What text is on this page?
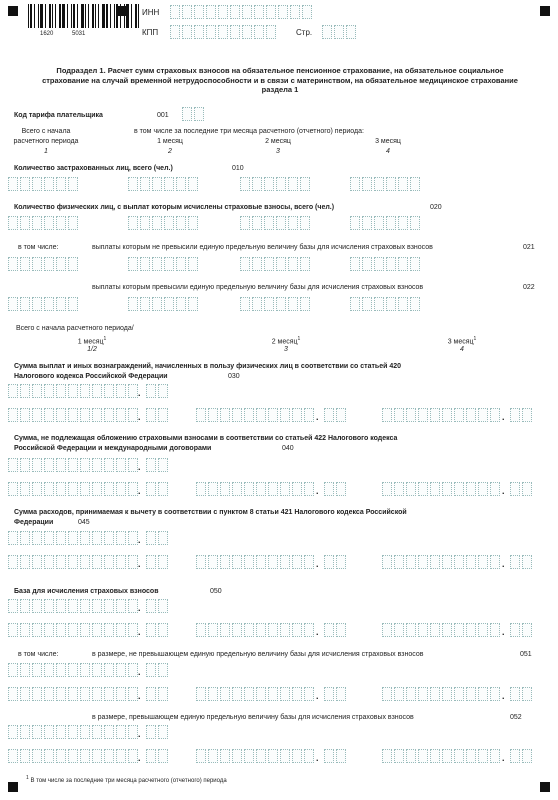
1620	5031
ИНН
КПП	Стр.
Подраздел 1. Расчет сумм страховых взносов на обязательное пенсионное страхование, на обязательное социальное страхование на случай временной нетрудоспособности и в связи с материнством, на обязательное медицинское страхование раздела 1
Код тарифа плательщика	001
Всего с начала
расчетного периода
1
в том числе за последние три месяца расчетного (отчетного) периода:
1 месяц
2
2 месяц
3
3 месяц
4
Количество застрахованных лиц, всего (чел.)	010
Количество физических лиц, с выплат которым исчислены страховые взносы, всего (чел.)	020
в том числе:	выплаты которым не превысили единую предельную величину базы для исчисления страховых взносов	021
выплаты которым превысили единую предельную величину базы для исчисления страховых взносов	022
Всего с начала расчетного периода/
1 месяц$^1$
1/2
2 месяц$^1$
3
3 месяц$^1$
4
Сумма выплат и иных вознаграждений, начисленных в пользу физических лиц в соответствии со статьей 420
Налогового кодекса Российской Федерации	030
Сумма, не подлежащая обложению страховыми взносами в соответствии со статьей 422 Налогового кодекса
Российской Федерации и международными договорами	040
Сумма расходов, принимаемая к вычету в соответствии с пунктом 8 статьи 421 Налогового кодекса Российской
Федерации	045
База для исчисления страховых взносов	050
в том числе:	в размере, не превышающем единую предельную величину базы для исчисления страховых взносов	051
в размере, превышающем единую предельную величину базы для исчисления страховых взносов	052
$^1$ В том числе за последние три месяца расчетного (отчетного) периода
.
.	.	.
.
.	.	.
.
.	.	.
.
.	.	.
.
.	.	.
.
.	.	.
